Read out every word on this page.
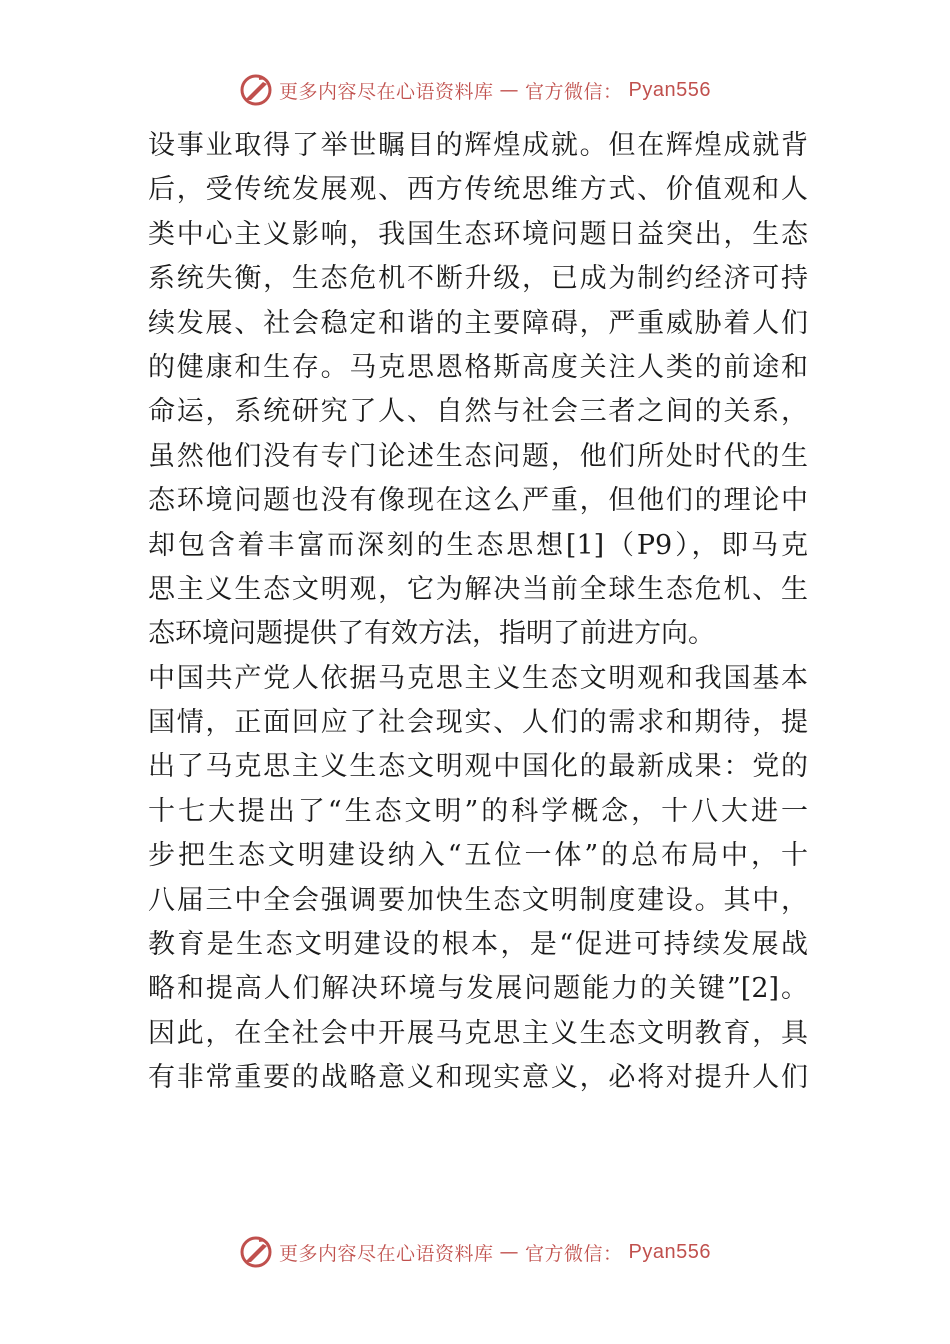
更多内容尽在心语资料库 — 官方微信： Pyan556
设事业取得了举世瞩目的辉煌成就。但在辉煌成就背
后，受传统发展观、西方传统思维方式、价值观和人
类中心主义影响，我国生态环境问题日益突出，生态
系统失衡，生态危机不断升级，已成为制约经济可持
续发展、社会稳定和谐的主要障碍，严重威胁着人们
的健康和生存。马克思恩格斯高度关注人类的前途和
命运，系统研究了人、自然与社会三者之间的关系，
虽然他们没有专门论述生态问题，他们所处时代的生
态环境问题也没有像现在这么严重，但他们的理论中
却包含着丰富而深刻的生态思想[1]（P9），即马克
思主义生态文明观，它为解决当前全球生态危机、生
态环境问题提供了有效方法，指明了前进方向。
中国共产党人依据马克思主义生态文明观和我国基本
国情，正面回应了社会现实、人们的需求和期待，提
出了马克思主义生态文明观中国化的最新成果：党的
十七大提出了“生态文明”的科学概念，十八大进一
步把生态文明建设纳入“五位一体”的总布局中，十
八届三中全会强调要加快生态文明制度建设。其中，
教育是生态文明建设的根本，是“促进可持续发展战
略和提高人们解决环境与发展问题能力的关键”[2]。
因此，在全社会中开展马克思主义生态文明教育，具
有非常重要的战略意义和现实意义，必将对提升人们
更多内容尽在心语资料库 — 官方微信： Pyan556
